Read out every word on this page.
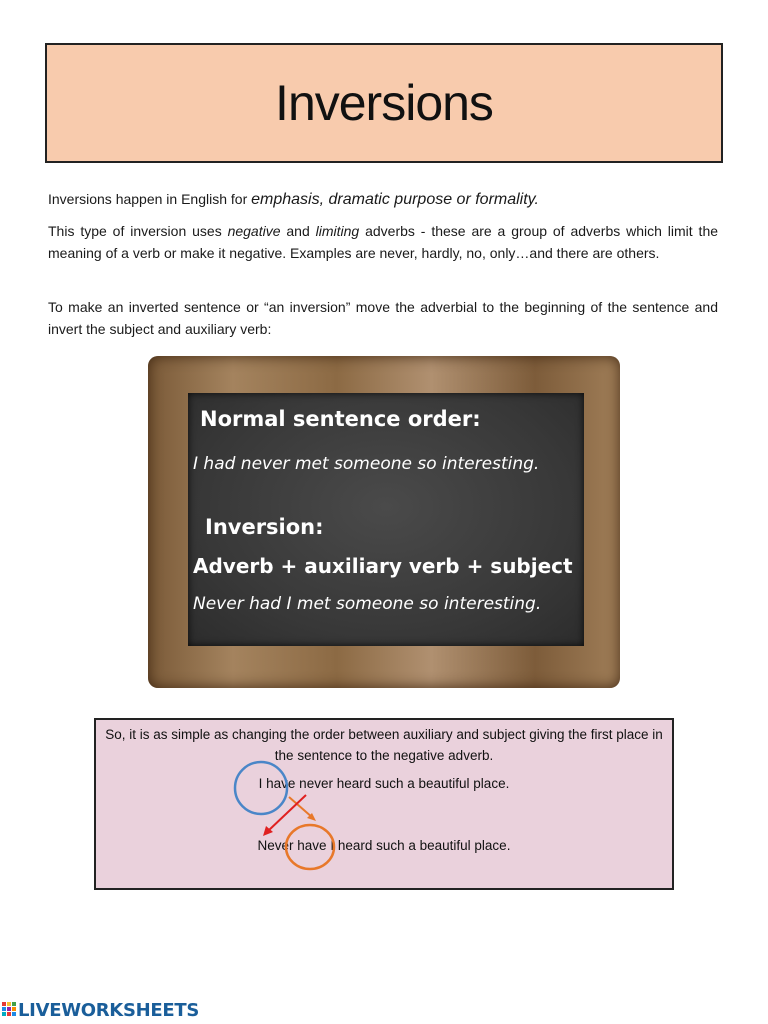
Inversions

Inversions happen in English for emphasis, dramatic purpose or formality.

This type of inversion uses negative and limiting adverbs - these are a group of adverbs which limit the meaning of a verb or make it negative. Examples are never, hardly, no, only…and there are others.

To make an inverted sentence or “an inversion” move the adverbial to the beginning of the sentence and invert the subject and auxiliary verb:

Normal sentence order:
I had never met someone so interesting.
Inversion:
Adverb + auxiliary verb + subject
Never had I met someone so interesting.

So, it is as simple as changing the order between auxiliary and subject giving the first place in the sentence to the negative adverb.

I have never heard such a beautiful place.

Never have I heard such a beautiful place.

LIVEWORKSHEETS
